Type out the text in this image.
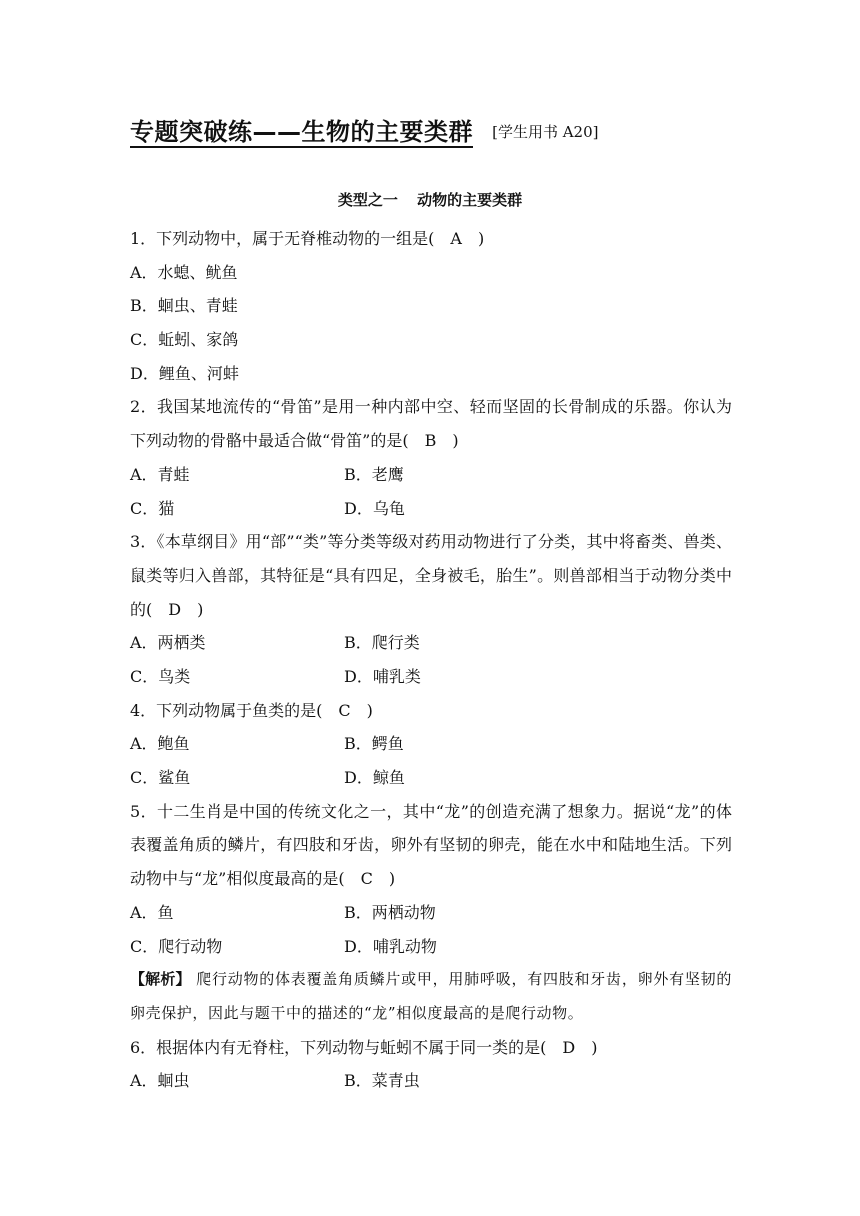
专题突破练——生物的主要类群 [学生用书 A20]
类型之一 动物的主要类群
1．下列动物中，属于无脊椎动物的一组是(　A　)
A．水螅、鱿鱼
B．蛔虫、青蛙
C．蚯蚓、家鸽
D．鲤鱼、河蚌
2．我国某地流传的“骨笛”是用一种内部中空、轻而坚固的长骨制成的乐器。你认为下列动物的骨骼中最适合做“骨笛”的是(　B　)
A．青蛙	B．老鹰
C．猫	D．乌龟
3．《本草纲目》用“部”“类”等分类等级对药用动物进行了分类，其中将畜类、兽类、鼠类等归入兽部，其特征是“具有四足，全身被毛，胎生”。则兽部相当于动物分类中的(　D　)
A．两栖类	B．爬行类
C．鸟类	D．哺乳类
4．下列动物属于鱼类的是(　C　)
A．鲍鱼	B．鳄鱼
C．鲨鱼	D．鲸鱼
5．十二生肖是中国的传统文化之一，其中“龙”的创造充满了想象力。据说“龙”的体表覆盖角质的鳞片，有四肢和牙齿，卵外有坚韧的卵壳，能在水中和陆地生活。下列动物中与“龙”相似度最高的是(　C　)
A．鱼	B．两栖动物
C．爬行动物	D．哺乳动物
【解析】 爬行动物的体表覆盖角质鳞片或甲，用肺呼吸，有四肢和牙齿，卵外有坚韧的卵壳保护，因此与题干中的描述的“龙”相似度最高的是爬行动物。
6．根据体内有无脊柱，下列动物与蚯蚓不属于同一类的是(　D　)
A．蛔虫	B．菜青虫
